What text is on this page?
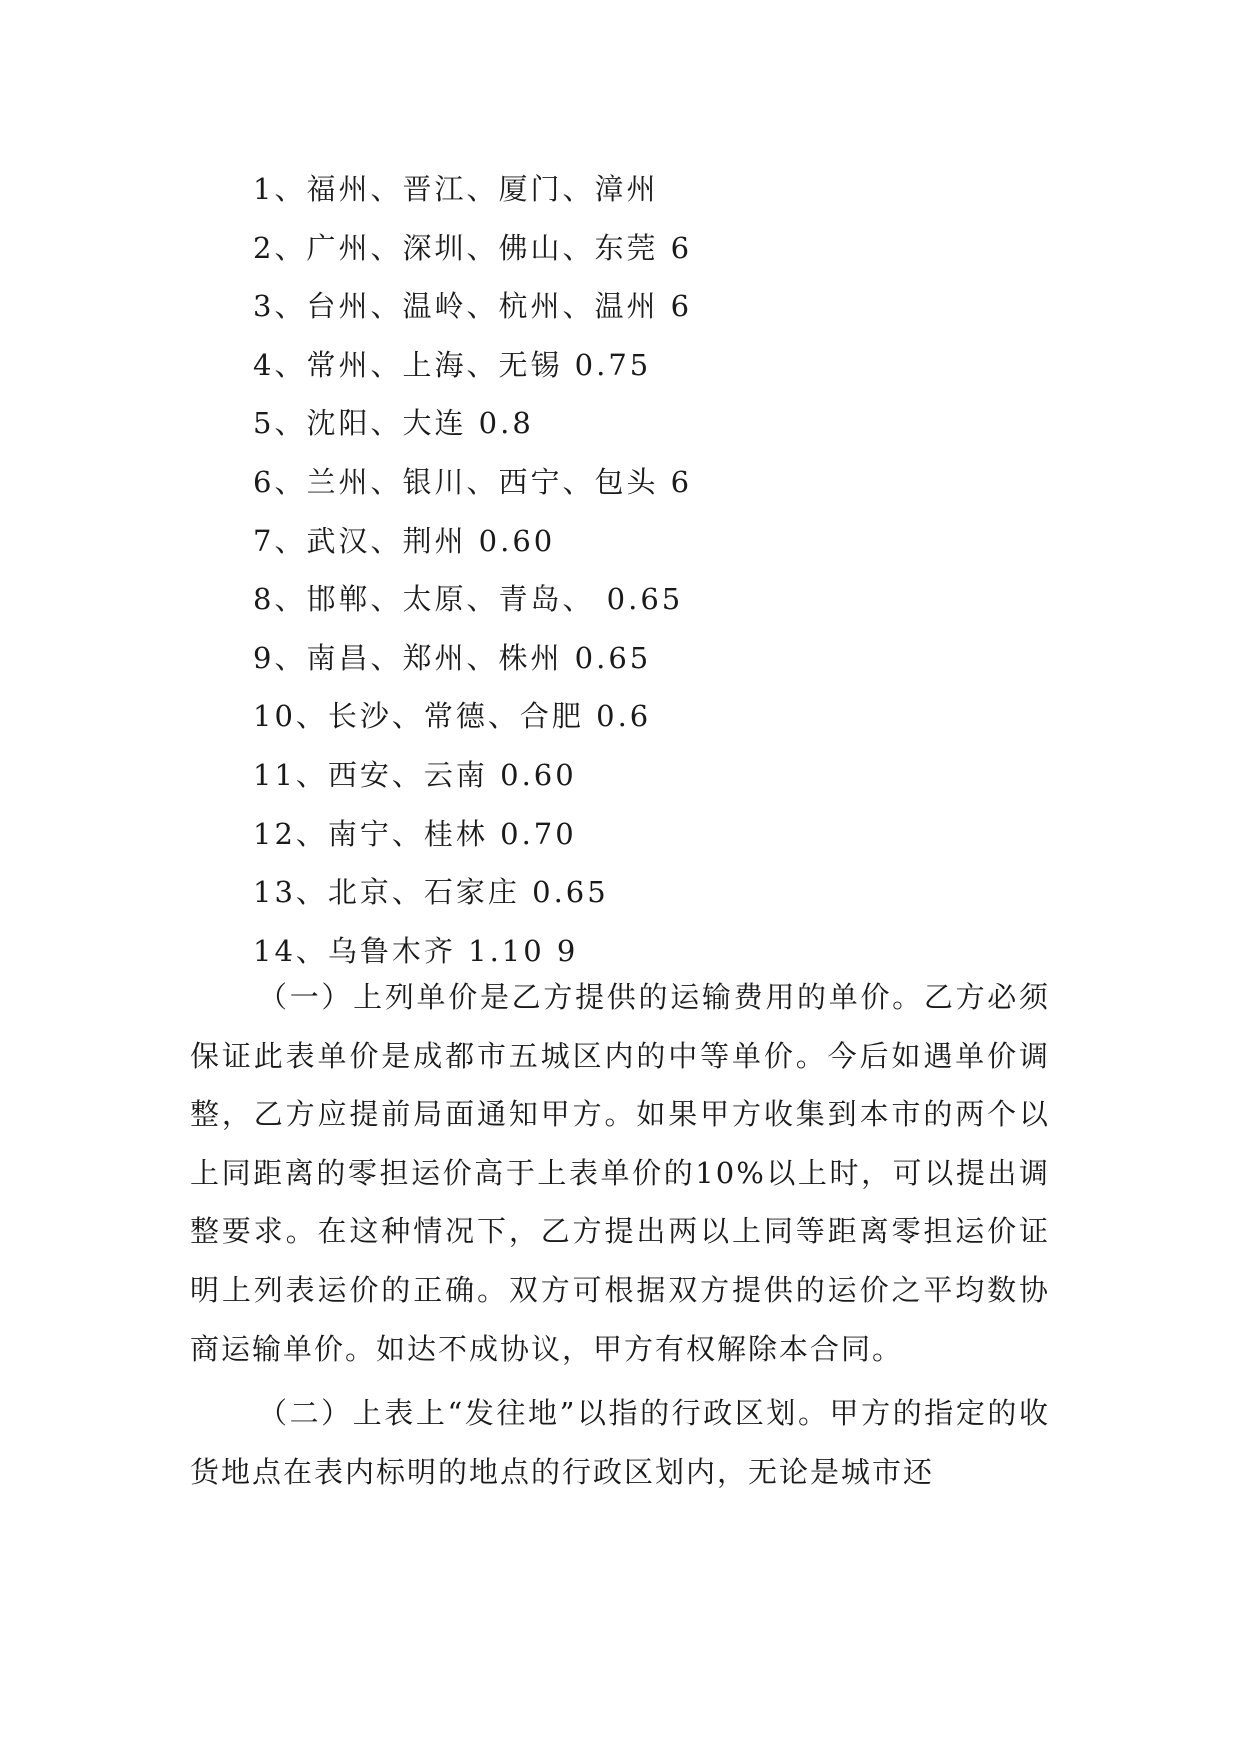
1、福州、晋江、厦门、漳州
2、广州、深圳、佛山、东莞 6
3、台州、温岭、杭州、温州 6
4、常州、上海、无锡 0.75
5、沈阳、大连 0.8
6、兰州、银川、西宁、包头 6
7、武汉、荆州 0.60
8、邯郸、太原、青岛、 0.65
9、南昌、郑州、株州 0.65
10、长沙、常德、合肥 0.6
11、西安、云南 0.60
12、南宁、桂林 0.70
13、北京、石家庄 0.65
14、乌鲁木齐 1.10 9

（一）上列单价是乙方提供的运输费用的单价。乙方必须保证此表单价是成都市五城区内的中等单价。今后如遇单价调整，乙方应提前局面通知甲方。如果甲方收集到本市的两个以上同距离的零担运价高于上表单价的10%以上时，可以提出调整要求。在这种情况下，乙方提出两以上同等距离零担运价证明上列表运价的正确。双方可根据双方提供的运价之平均数协商运输单价。如达不成协议，甲方有权解除本合同。

（二）上表上“发往地”以指的行政区划。甲方的指定的收货地点在表内标明的地点的行政区划内，无论是城市还
